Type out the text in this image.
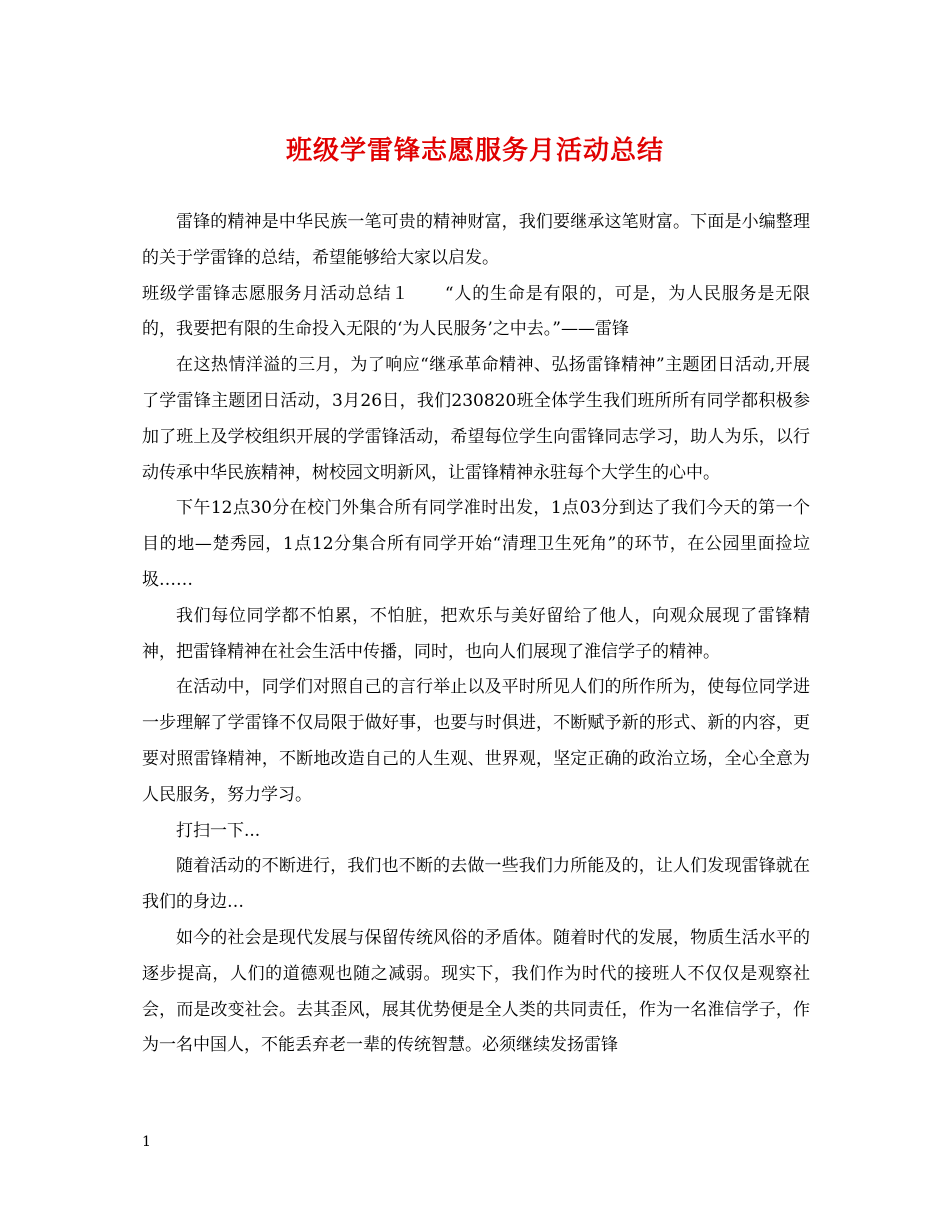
班级学雷锋志愿服务月活动总结

雷锋的精神是中华民族一笔可贵的精神财富，我们要继承这笔财富。下面是小编整理的关于学雷锋的总结，希望能够给大家以启发。

班级学雷锋志愿服务月活动总结１　　“人的生命是有限的，可是，为人民服务是无限的，我要把有限的生命投入无限的‘为人民服务’之中去。”——雷锋

在这热情洋溢的三月，为了响应“继承革命精神、弘扬雷锋精神”主题团日活动,开展了学雷锋主题团日活动，3月26日，我们230820班全体学生我们班所所有同学都积极参加了班上及学校组织开展的学雷锋活动，希望每位学生向雷锋同志学习，助人为乐，以行动传承中华民族精神，树校园文明新风，让雷锋精神永驻每个大学生的心中。

下午12点30分在校门外集合所有同学准时出发，1点03分到达了我们今天的第一个目的地—楚秀园，1点12分集合所有同学开始“清理卫生死角”的环节，在公园里面捡垃圾……

我们每位同学都不怕累，不怕脏，把欢乐与美好留给了他人，向观众展现了雷锋精神，把雷锋精神在社会生活中传播，同时，也向人们展现了淮信学子的精神。

在活动中，同学们对照自己的言行举止以及平时所见人们的所作所为，使每位同学进一步理解了学雷锋不仅局限于做好事，也要与时俱进，不断赋予新的形式、新的内容，更要对照雷锋精神，不断地改造自己的人生观、世界观，坚定正确的政治立场，全心全意为人民服务，努力学习。

打扫一下...

随着活动的不断进行，我们也不断的去做一些我们力所能及的，让人们发现雷锋就在我们的身边…

如今的社会是现代发展与保留传统风俗的矛盾体。随着时代的发展，物质生活水平的逐步提高，人们的道德观也随之减弱。现实下，我们作为时代的接班人不仅仅是观察社会，而是改变社会。去其歪风，展其优势便是全人类的共同责任，作为一名淮信学子，作为一名中国人，不能丢弃老一辈的传统智慧。必须继续发扬雷锋

1
